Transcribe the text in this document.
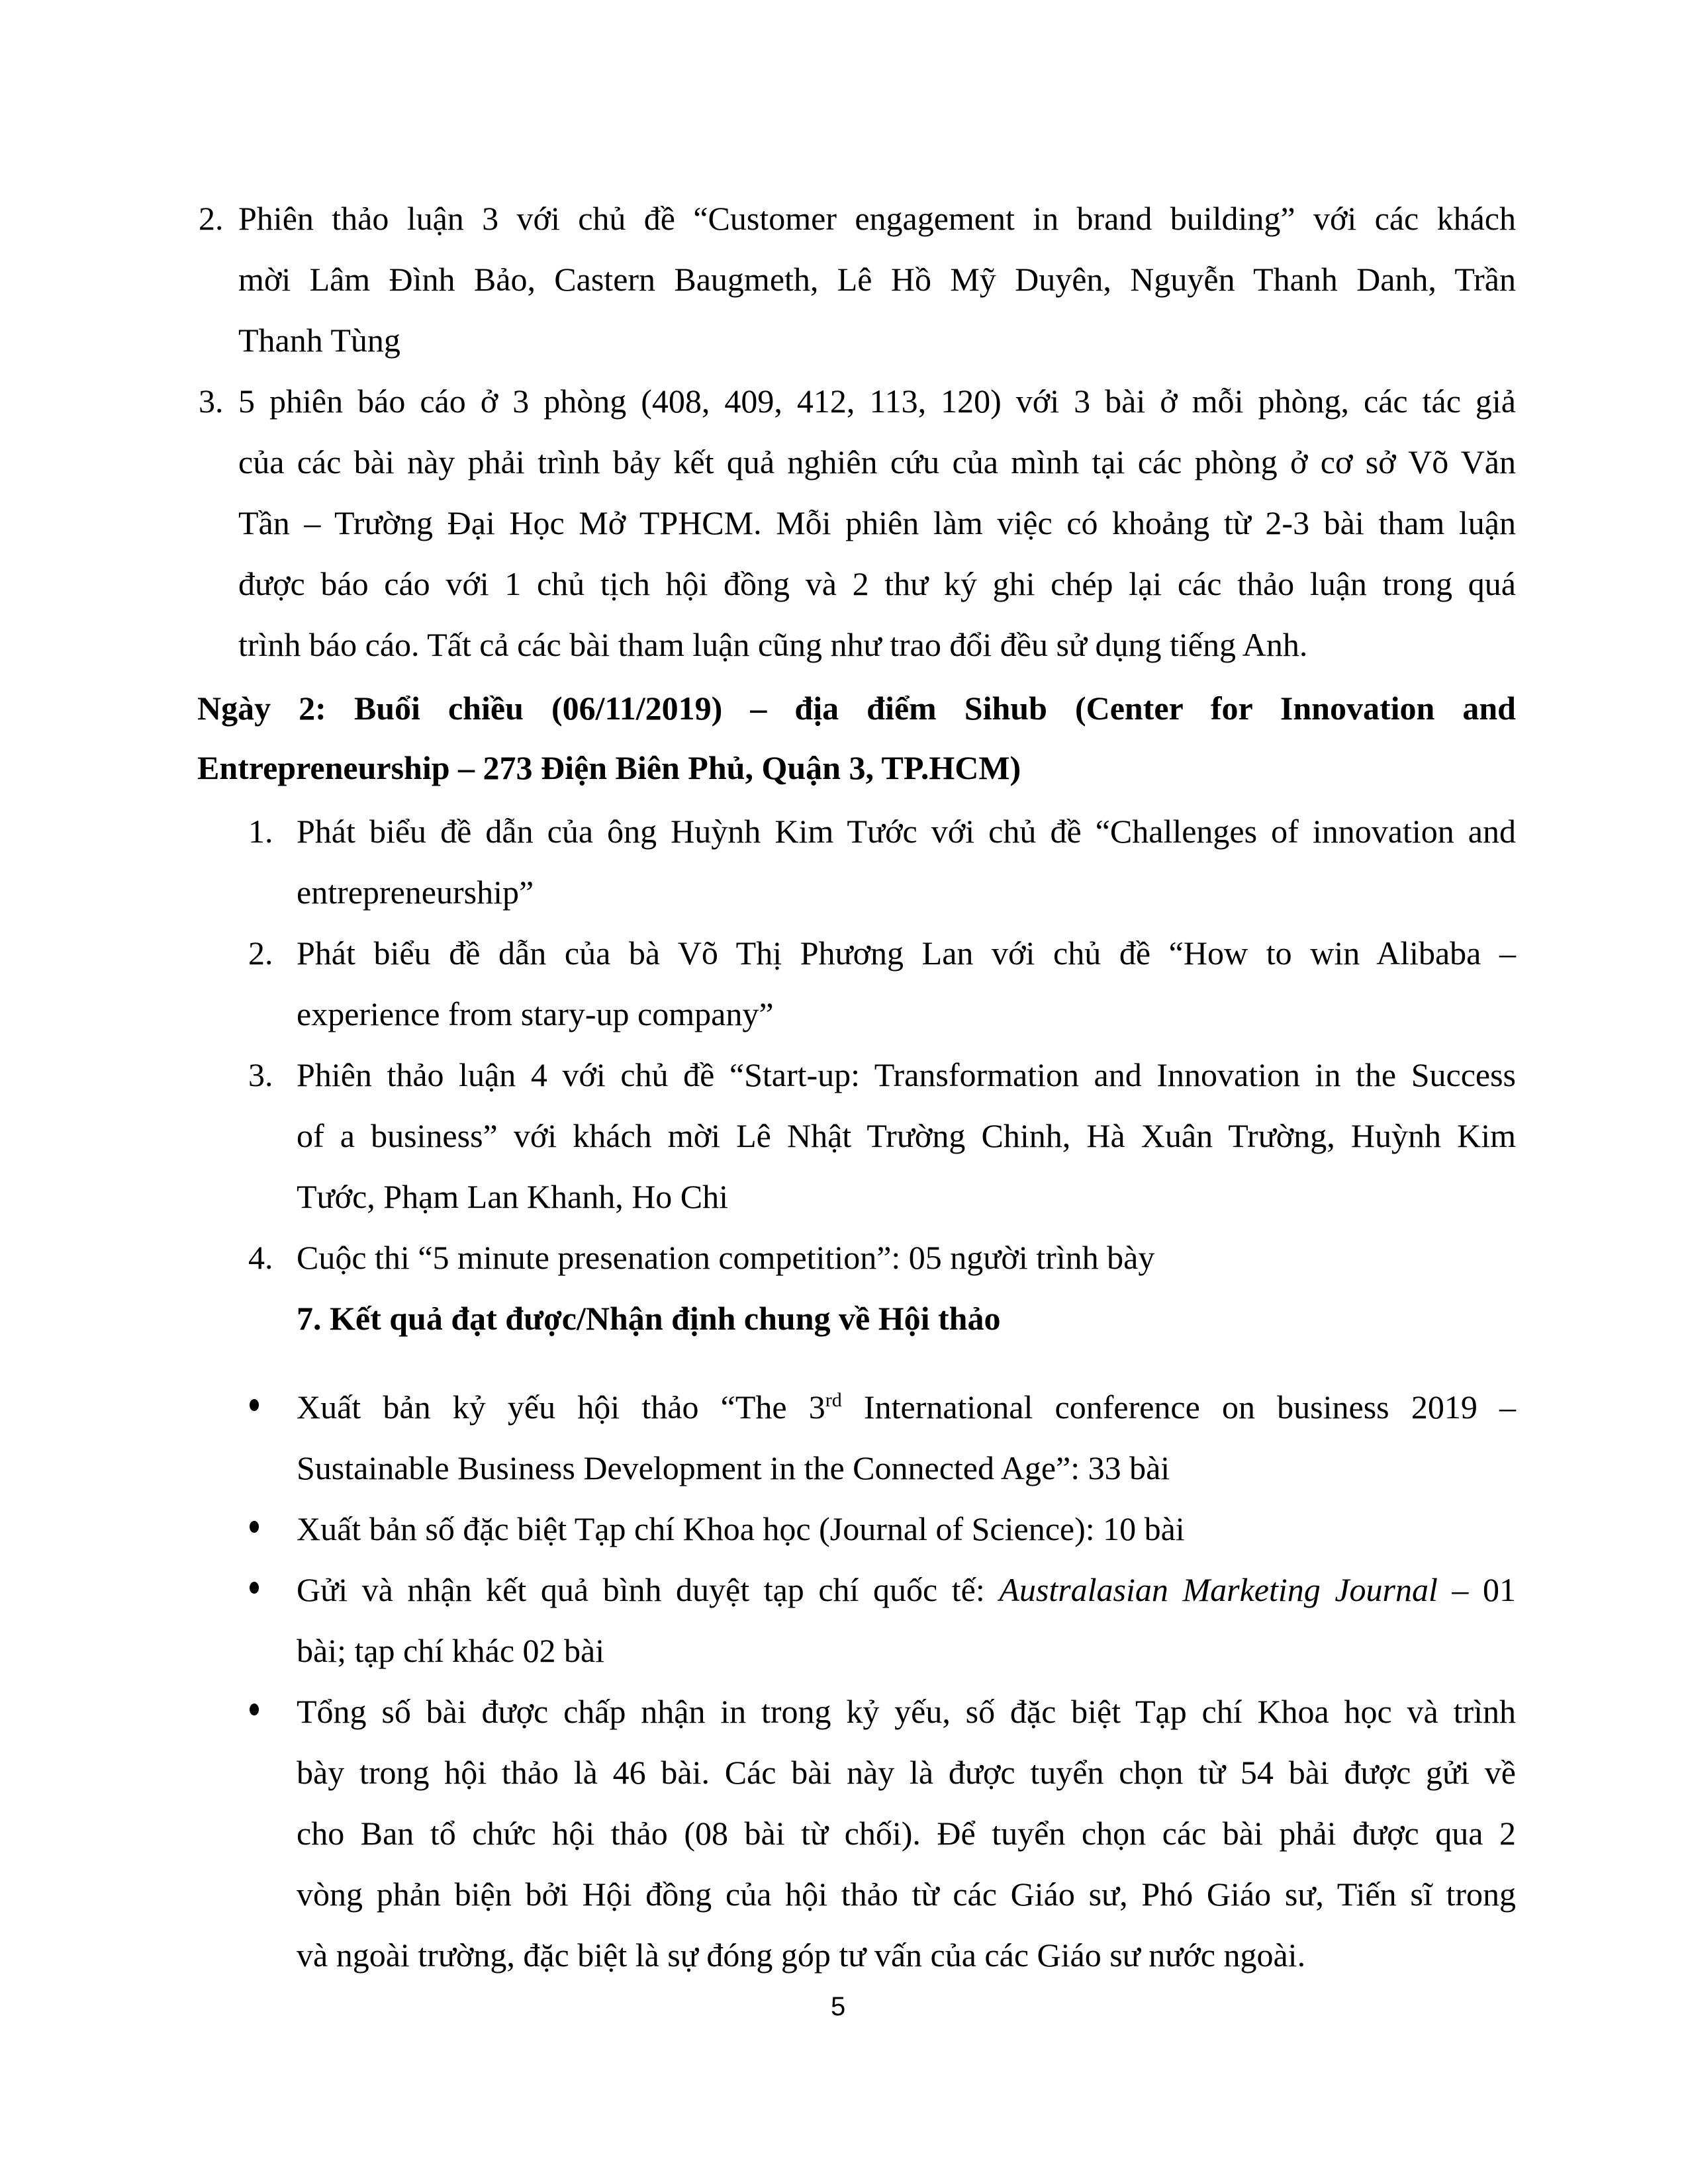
2. Phiên thảo luận 3 với chủ đề “Customer engagement in brand building” với các khách
mời Lâm Đình Bảo, Castern Baugmeth, Lê Hồ Mỹ Duyên, Nguyễn Thanh Danh, Trần
Thanh Tùng
3. 5 phiên báo cáo ở 3 phòng (408, 409, 412, 113, 120) với 3 bài ở mỗi phòng, các tác giả
của các bài này phải trình bảy kết quả nghiên cứu của mình tại các phòng ở cơ sở Võ Văn
Tần – Trường Đại Học Mở TPHCM. Mỗi phiên làm việc có khoảng từ 2-3 bài tham luận
được báo cáo với 1 chủ tịch hội đồng và 2 thư ký ghi chép lại các thảo luận trong quá
trình báo cáo. Tất cả các bài tham luận cũng như trao đổi đều sử dụng tiếng Anh.
Ngày 2: Buổi chiều (06/11/2019) – địa điểm Sihub (Center for Innovation and
Entrepreneurship – 273 Điện Biên Phủ, Quận 3, TP.HCM)
1. Phát biểu đề dẫn của ông Huỳnh Kim Tước với chủ đề “Challenges of innovation and
entrepreneurship”
2. Phát biểu đề dẫn của bà Võ Thị Phương Lan với chủ đề “How to win Alibaba –
experience from stary-up company”
3. Phiên thảo luận 4 với chủ đề “Start-up: Transformation and Innovation in the Success
of a business” với khách mời Lê Nhật Trường Chinh, Hà Xuân Trường, Huỳnh Kim
Tước, Phạm Lan Khanh, Ho Chi
4. Cuộc thi “5 minute presenation competition”: 05 người trình bày
7. Kết quả đạt được/Nhận định chung về Hội thảo
Xuất bản kỷ yếu hội thảo “The 3rd International conference on business 2019 –
Sustainable Business Development in the Connected Age”: 33 bài
Xuất bản số đặc biệt Tạp chí Khoa học (Journal of Science): 10 bài
Gửi và nhận kết quả bình duyệt tạp chí quốc tế: Australasian Marketing Journal – 01
bài; tạp chí khác 02 bài
Tổng số bài được chấp nhận in trong kỷ yếu, số đặc biệt Tạp chí Khoa học và trình
bày trong hội thảo là 46 bài. Các bài này là được tuyển chọn từ 54 bài được gửi về
cho Ban tổ chức hội thảo (08 bài từ chối). Để tuyển chọn các bài phải được qua 2
vòng phản biện bởi Hội đồng của hội thảo từ các Giáo sư, Phó Giáo sư, Tiến sĩ trong
và ngoài trường, đặc biệt là sự đóng góp tư vấn của các Giáo sư nước ngoài.
5
